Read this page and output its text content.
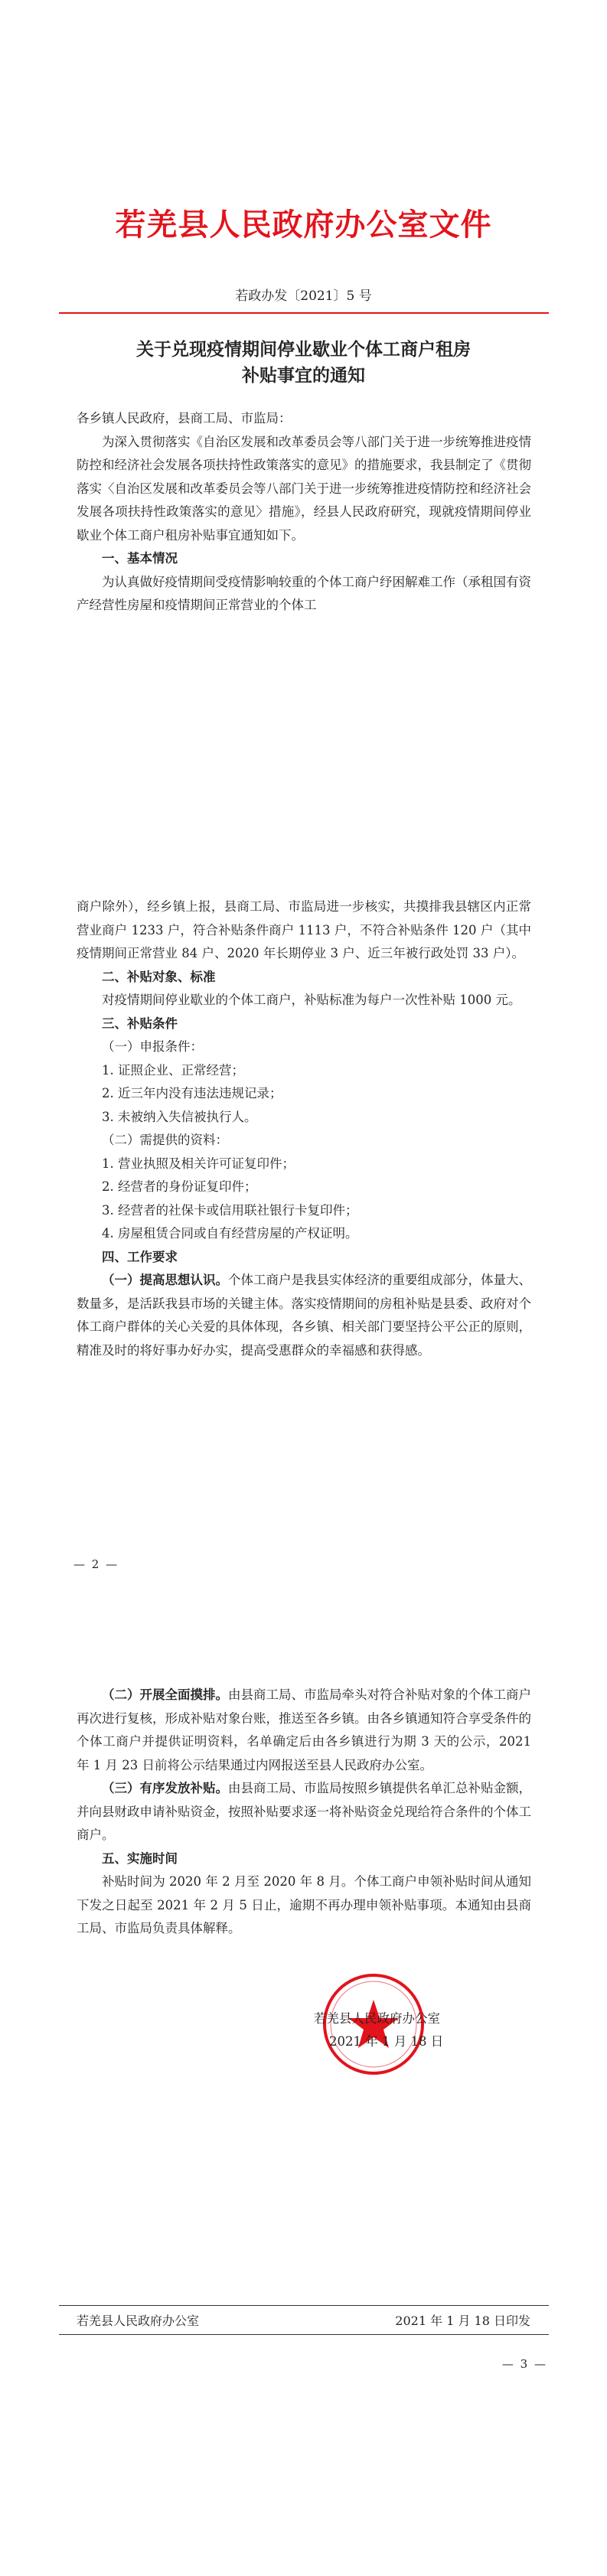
若羌县人民政府办公室文件
若政办发〔2021〕5 号
关于兑现疫情期间停业歇业个体工商户租房
补贴事宜的通知

各乡镇人民政府，县商工局、市监局：

为深入贯彻落实《自治区发展和改革委员会等八部门关于进一步统筹推进疫情防控和经济社会发展各项扶持性政策落实的意见》的措施要求，我县制定了《贯彻落实〈自治区发展和改革委员会等八部门关于进一步统筹推进疫情防控和经济社会发展各项扶持性政策落实的意见〉措施》，经县人民政府研究，现就疫情期间停业歇业个体工商户租房补贴事宜通知如下。

一、基本情况

为认真做好疫情期间受疫情影响较重的个体工商户纾困解难工作（承租国有资产经营性房屋和疫情期间正常营业的个体工

商户除外），经乡镇上报，县商工局、市监局进一步核实，共摸排我县辖区内正常营业商户 1233 户，符合补贴条件商户 1113 户，不符合补贴条件 120 户（其中疫情期间正常营业 84 户、2020 年长期停业 3 户、近三年被行政处罚 33 户）。

二、补贴对象、标准

对疫情期间停业歇业的个体工商户，补贴标准为每户一次性补贴 1000 元。

三、补贴条件

（一）申报条件：

1. 证照企业、正常经营；

2. 近三年内没有违法违规记录；

3. 未被纳入失信被执行人。

（二）需提供的资料：

1. 营业执照及相关许可证复印件；

2. 经营者的身份证复印件；

3. 经营者的社保卡或信用联社银行卡复印件；

4. 房屋租赁合同或自有经营房屋的产权证明。

四、工作要求

（一）提高思想认识。个体工商户是我县实体经济的重要组成部分，体量大、数量多，是活跃我县市场的关键主体。落实疫情期间的房租补贴是县委、政府对个体工商户群体的关心关爱的具体体现，各乡镇、相关部门要坚持公平公正的原则，精准及时的将好事办好办实，提高受惠群众的幸福感和获得感。

— 2 —

（二）开展全面摸排。由县商工局、市监局牵头对符合补贴对象的个体工商户再次进行复核，形成补贴对象台账，推送至各乡镇。由各乡镇通知符合享受条件的个体工商户并提供证明资料，名单确定后由各乡镇进行为期 3 天的公示，2021 年 1 月 23 日前将公示结果通过内网报送至县人民政府办公室。

（三）有序发放补贴。由县商工局、市监局按照乡镇提供名单汇总补贴金额，并向县财政申请补贴资金，按照补贴要求逐一将补贴资金兑现给符合条件的个体工商户。

五、实施时间

补贴时间为 2020 年 2 月至 2020 年 8 月。个体工商户申领补贴时间从通知下发之日起至 2021 年 2 月 5 日止，逾期不再办理申领补贴事项。本通知由县商工局、市监局负责具体解释。

若羌县人民政府办公室
2021 年 1 月 18 日
若羌县人民政府办公室	2021 年 1 月 18 日印发
— 3 —
